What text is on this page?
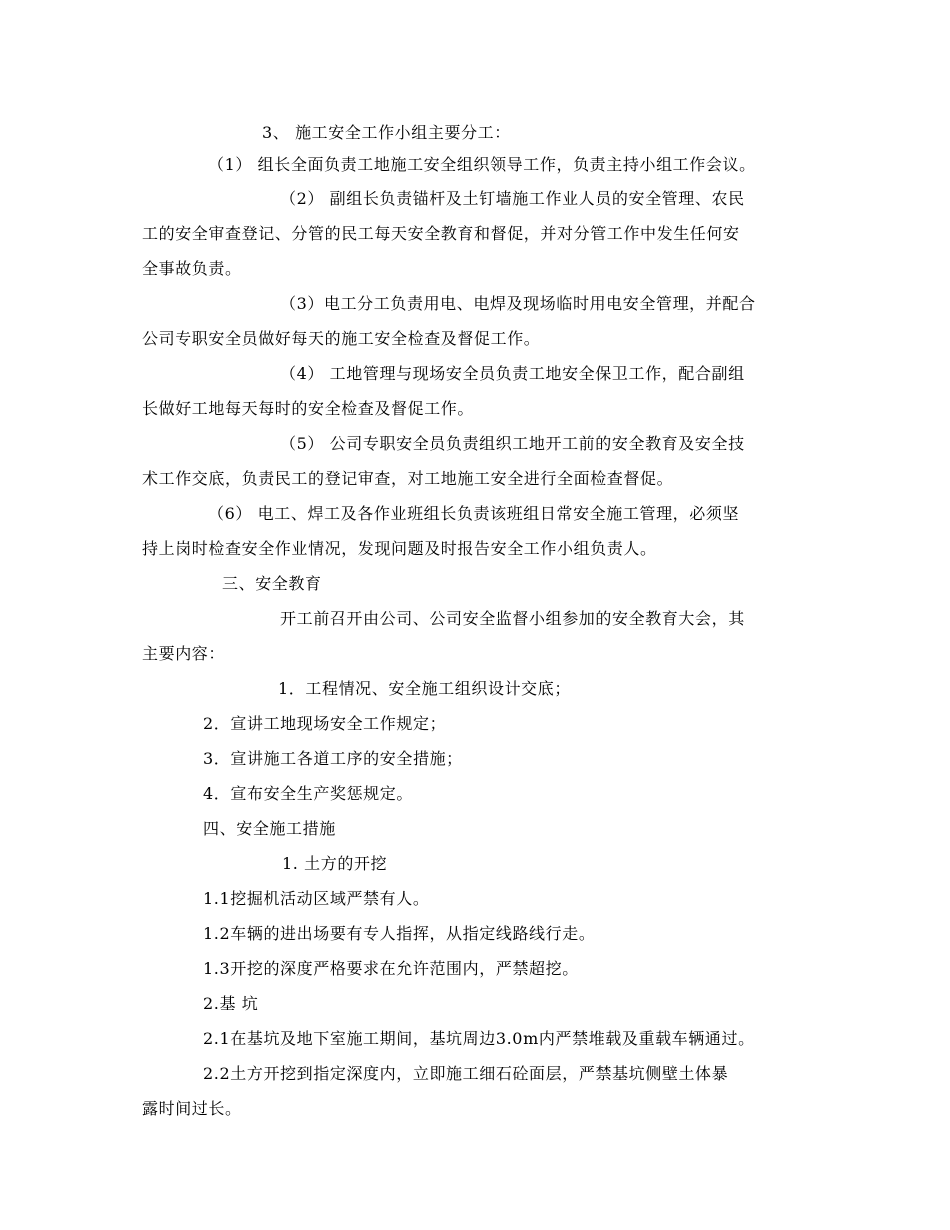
3、 施工安全工作小组主要分工：
（1） 组长全面负责工地施工安全组织领导工作，负责主持小组工作会议。
（2） 副组长负责锚杆及土钉墙施工作业人员的安全管理、农民
工的安全审查登记、分管的民工每天安全教育和督促，并对分管工作中发生任何安
全事故负责。
（3）电工分工负责用电、电焊及现场临时用电安全管理，并配合
公司专职安全员做好每天的施工安全检查及督促工作。
（4） 工地管理与现场安全员负责工地安全保卫工作，配合副组
长做好工地每天每时的安全检查及督促工作。
（5） 公司专职安全员负责组织工地开工前的安全教育及安全技
术工作交底，负责民工的登记审查，对工地施工安全进行全面检查督促。
（6） 电工、焊工及各作业班组长负责该班组日常安全施工管理，必须坚
持上岗时检查安全作业情况，发现问题及时报告安全工作小组负责人。
三、安全教育
开工前召开由公司、公司安全监督小组参加的安全教育大会，其
主要内容：
1．工程情况、安全施工组织设计交底；
2．宣讲工地现场安全工作规定；
3．宣讲施工各道工序的安全措施；
4．宣布安全生产奖惩规定。
四、安全施工措施
1. 土方的开挖
1.1挖掘机活动区域严禁有人。
1.2车辆的进出场要有专人指挥，从指定线路线行走。
1.3开挖的深度严格要求在允许范围内，严禁超挖。
2.基 坑
2.1在基坑及地下室施工期间，基坑周边3.0m内严禁堆载及重载车辆通过。
2.2土方开挖到指定深度内，立即施工细石砼面层，严禁基坑侧壁土体暴
露时间过长。
